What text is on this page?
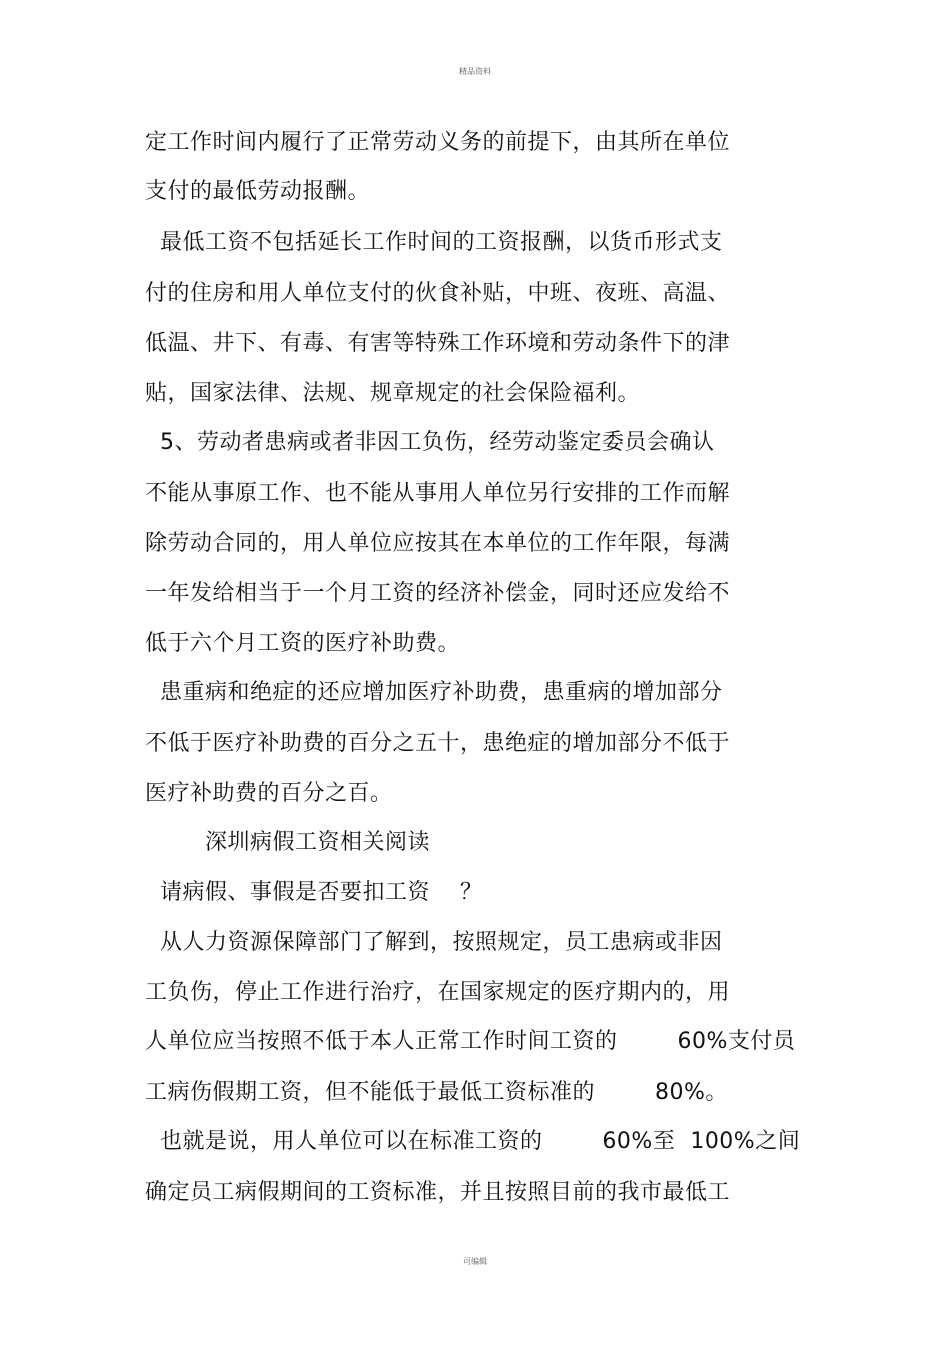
精品资料
定工作时间内履行了正常劳动义务的前提下，由其所在单位
支付的最低劳动报酬。
最低工资不包括延长工作时间的工资报酬，以货币形式支
付的住房和用人单位支付的伙食补贴，中班、夜班、高温、
低温、井下、有毒、有害等特殊工作环境和劳动条件下的津
贴，国家法律、法规、规章规定的社会保险福利。
5、劳动者患病或者非因工负伤，经劳动鉴定委员会确认
不能从事原工作、也不能从事用人单位另行安排的工作而解
除劳动合同的，用人单位应按其在本单位的工作年限，每满
一年发给相当于一个月工资的经济补偿金，同时还应发给不
低于六个月工资的医疗补助费。
患重病和绝症的还应增加医疗补助费，患重病的增加部分
不低于医疗补助费的百分之五十，患绝症的增加部分不低于
医疗补助费的百分之百。
深圳病假工资相关阅读
请病假、事假是否要扣工资    ？
从人力资源保障部门了解到，按照规定，员工患病或非因
工负伤，停止工作进行治疗，在国家规定的医疗期内的，用
人单位应当按照不低于本人正常工作时间工资的        60%支付员
工病伤假期工资，但不能低于最低工资标准的        80%。
也就是说，用人单位可以在标准工资的        60%至  100%之间
确定员工病假期间的工资标准，并且按照目前的我市最低工
可编辑
